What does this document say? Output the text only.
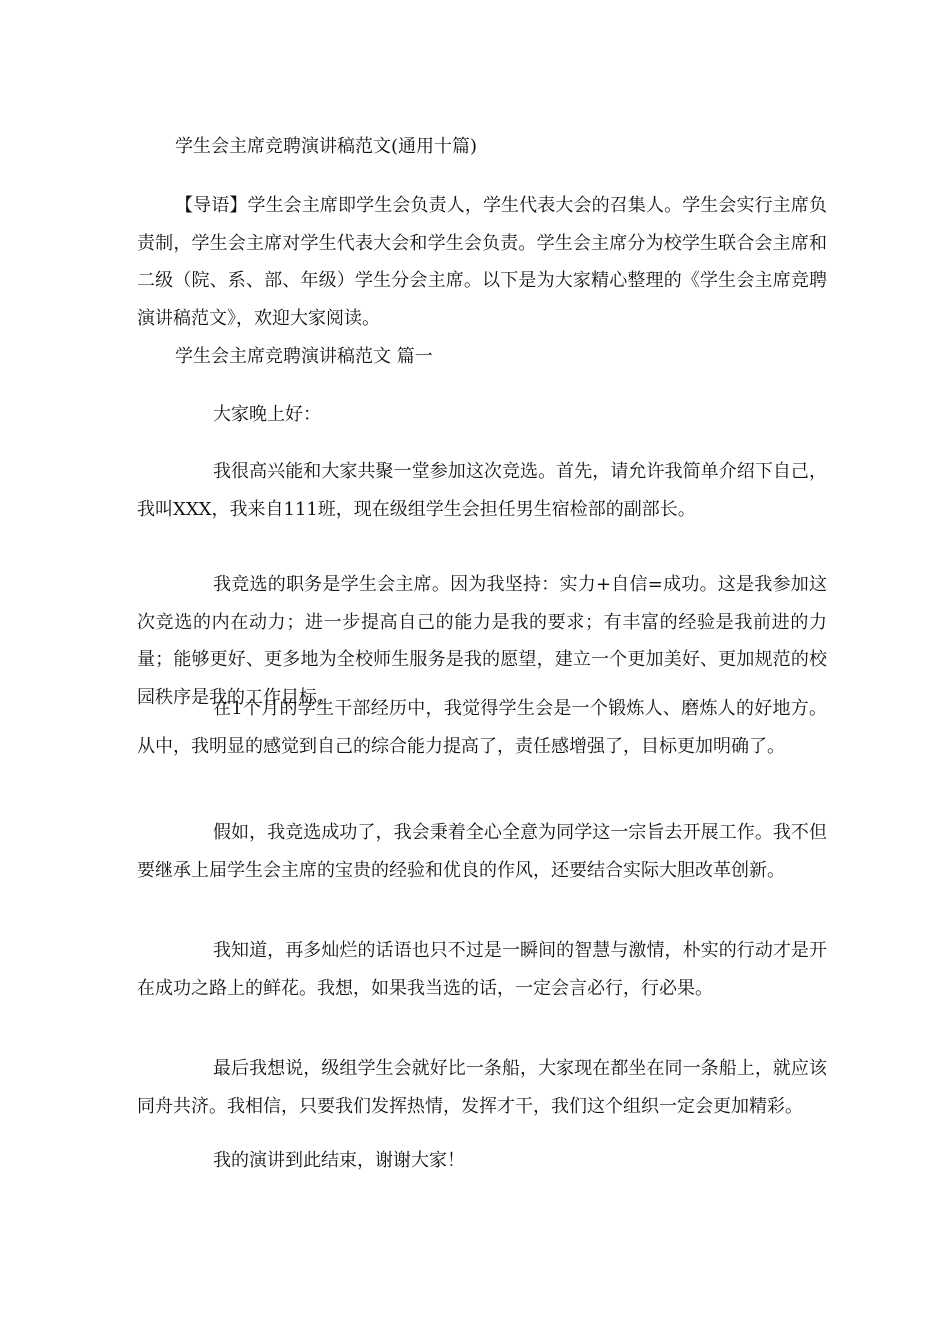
学生会主席竞聘演讲稿范文(通用十篇)

【导语】学生会主席即学生会负责人，学生代表大会的召集人。学生会实行主席负责制，学生会主席对学生代表大会和学生会负责。学生会主席分为校学生联合会主席和二级（院、系、部、年级）学生分会主席。以下是为大家精心整理的《学生会主席竞聘演讲稿范文》，欢迎大家阅读。

学生会主席竞聘演讲稿范文 篇一
大家晚上好：

我很高兴能和大家共聚一堂参加这次竞选。首先，请允许我简单介绍下自己，我叫XXX，我来自111班，现在级组学生会担任男生宿检部的副部长。

我竞选的职务是学生会主席。因为我坚持：实力+自信=成功。这是我参加这次竞选的内在动力；进一步提高自己的能力是我的要求；有丰富的经验是我前进的力量；能够更好、更多地为全校师生服务是我的愿望，建立一个更加美好、更加规范的校园秩序是我的工作目标。

在1个月的学生干部经历中，我觉得学生会是一个锻炼人、磨炼人的好地方。从中，我明显的感觉到自己的综合能力提高了，责任感增强了，目标更加明确了。

假如，我竞选成功了，我会秉着全心全意为同学这一宗旨去开展工作。我不但要继承上届学生会主席的宝贵的经验和优良的作风，还要结合实际大胆改革创新。

我知道，再多灿烂的话语也只不过是一瞬间的智慧与激情，朴实的行动才是开在成功之路上的鲜花。我想，如果我当选的话，一定会言必行，行必果。

最后我想说，级组学生会就好比一条船，大家现在都坐在同一条船上，就应该同舟共济。我相信，只要我们发挥热情，发挥才干，我们这个组织一定会更加精彩。

我的演讲到此结束，谢谢大家！
